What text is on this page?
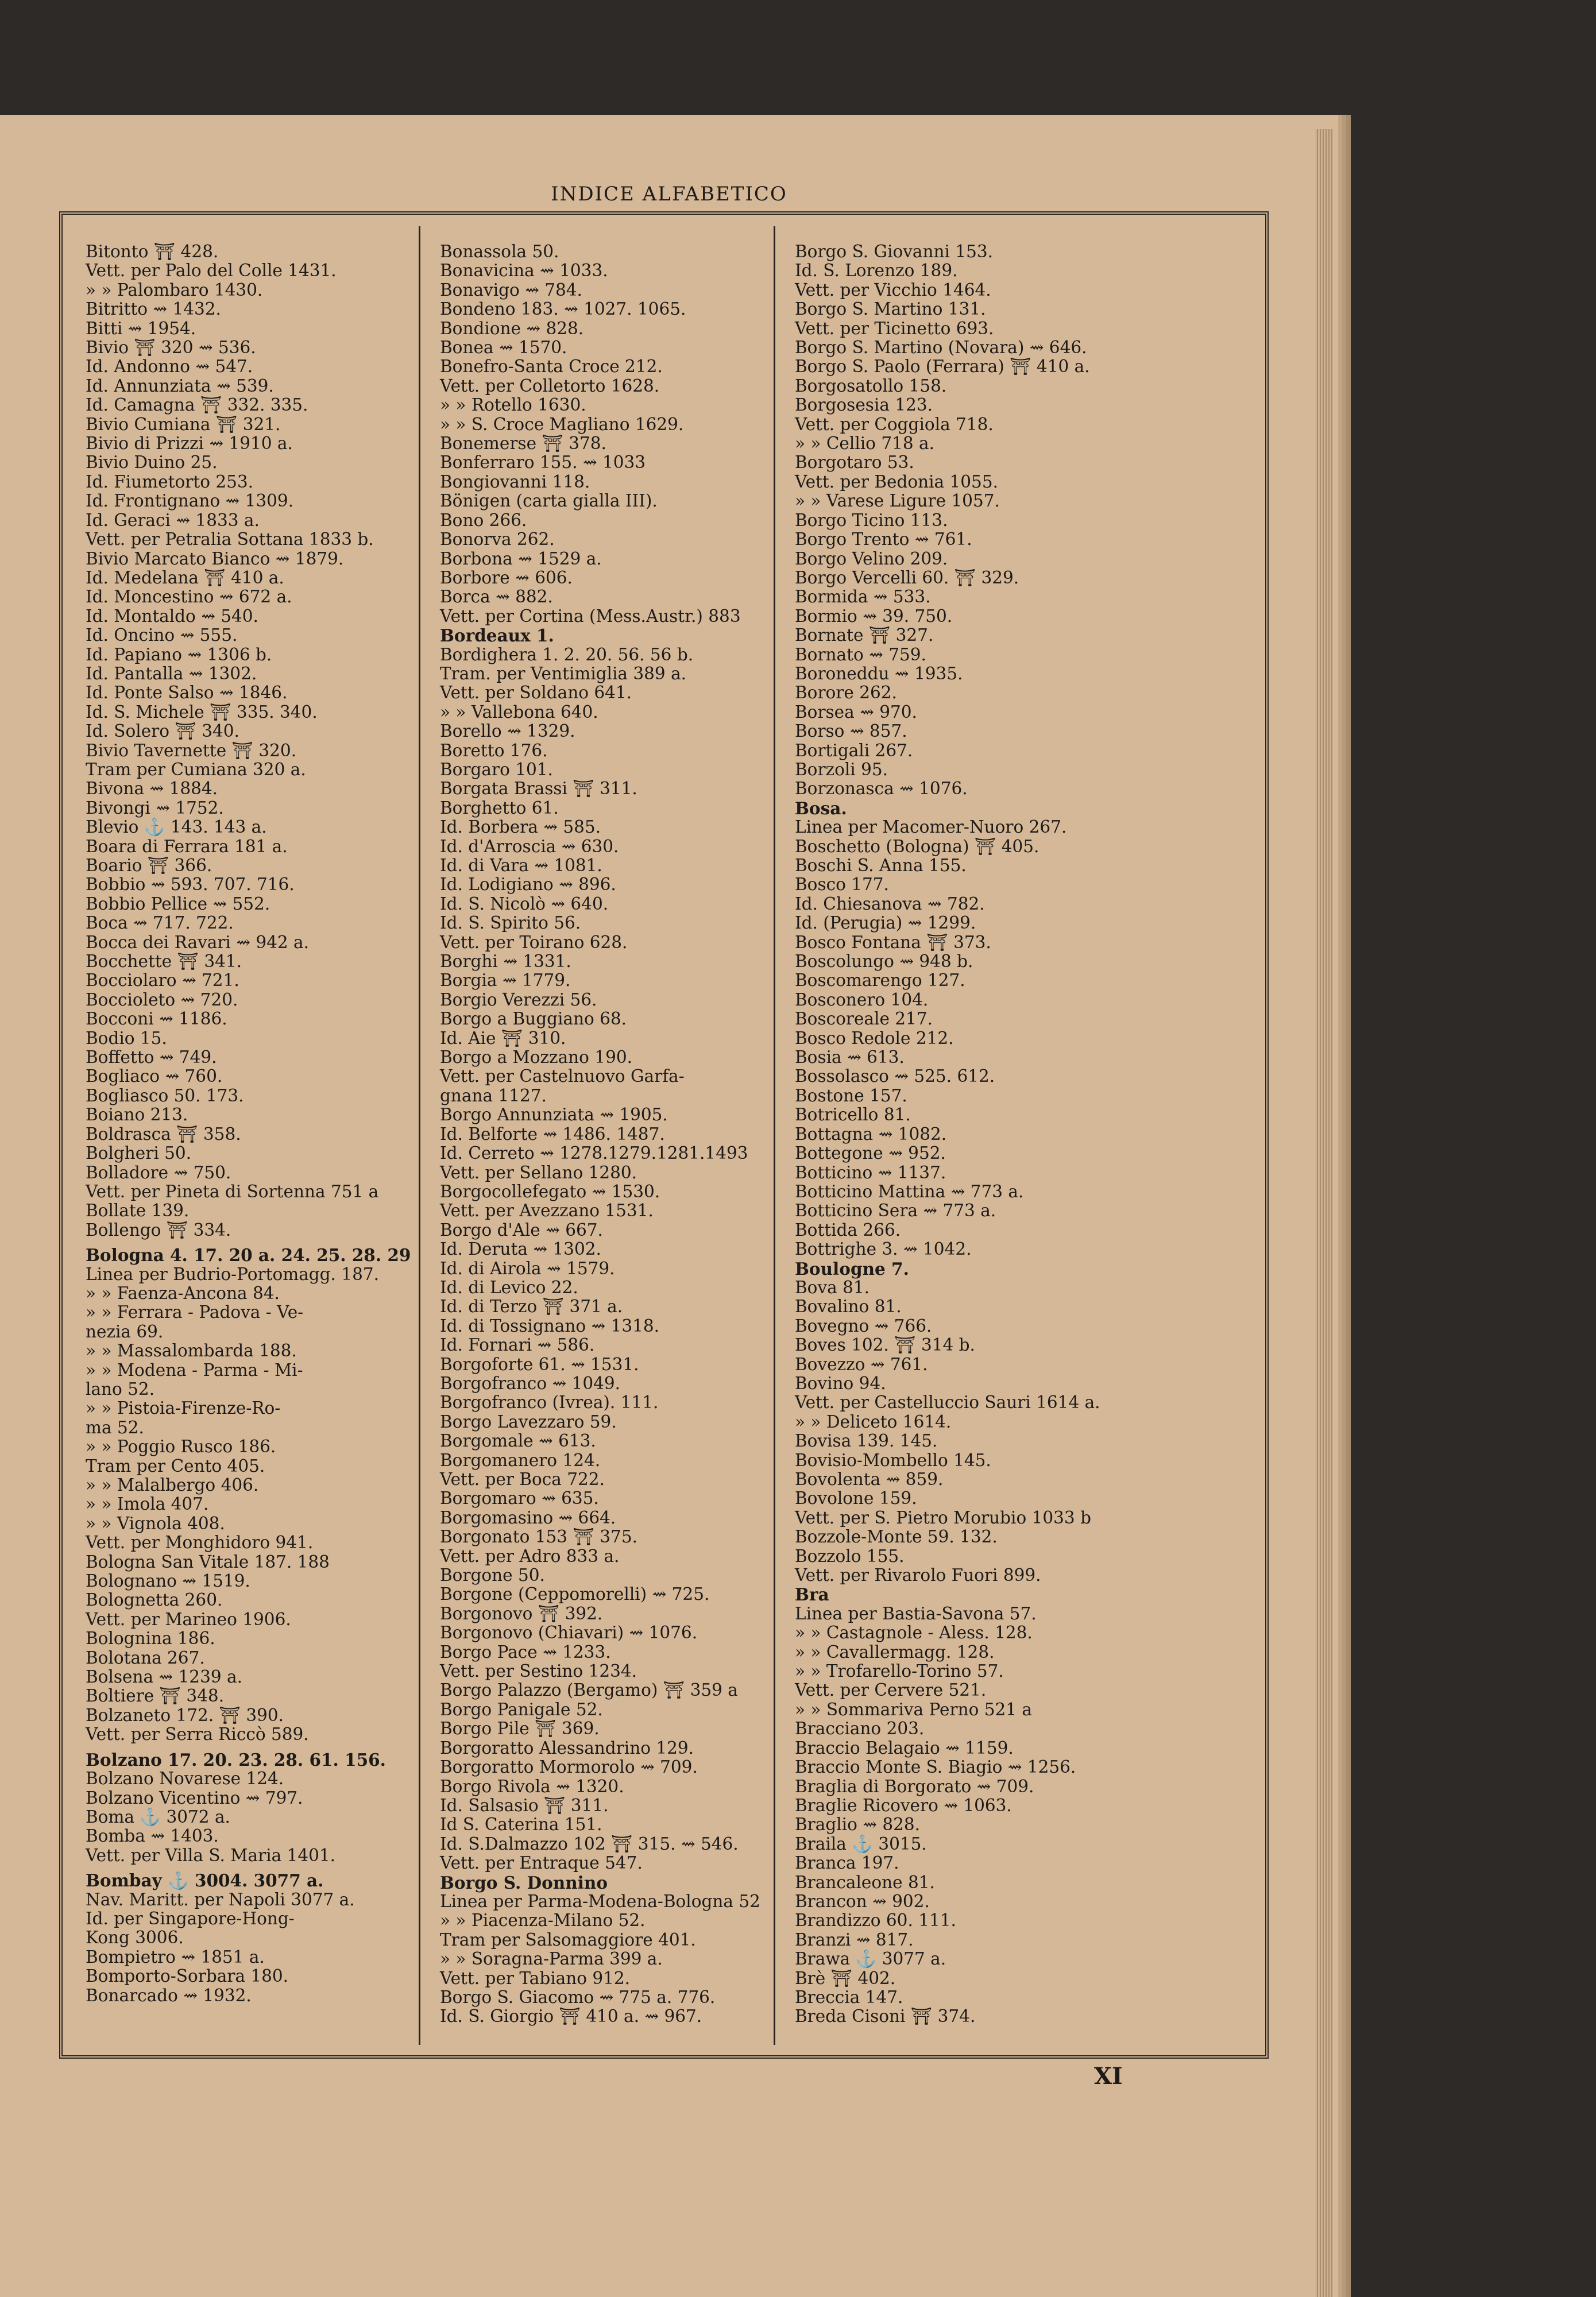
INDICE ALFABETICO
Bitonto ⛩ 428.
Vett. per Palo del Colle 1431.
» » Palombaro 1430.
Bitritto ⇝ 1432.
Bitti ⇝ 1954.
Bivio ⛩ 320 ⇝ 536.
Id. Andonno ⇝ 547.
Id. Annunziata ⇝ 539.
Id. Camagna ⛩ 332. 335.
Bivio Cumiana ⛩ 321.
Bivio di Prizzi ⇝ 1910 a.
Bivio Duino 25.
Id. Fiumetorto 253.
Id. Frontignano ⇝ 1309.
Id. Geraci ⇝ 1833 a.
Vett. per Petralia Sottana 1833 b.
Bivio Marcato Bianco ⇝ 1879.
Id. Medelana ⛩ 410 a.
Id. Moncestino ⇝ 672 a.
Id. Montaldo ⇝ 540.
Id. Oncino ⇝ 555.
Id. Papiano ⇝ 1306 b.
Id. Pantalla ⇝ 1302.
Id. Ponte Salso ⇝ 1846.
Id. S. Michele ⛩ 335. 340.
Id. Solero ⛩ 340.
Bivio Tavernette ⛩ 320.
Tram per Cumiana 320 a.
Bivona ⇝ 1884.
Bivongi ⇝ 1752.
Blevio ⚓ 143. 143 a.
Boara di Ferrara 181 a.
Boario ⛩ 366.
Bobbio ⇝ 593. 707. 716.
Bobbio Pellice ⇝ 552.
Boca ⇝ 717. 722.
Bocca dei Ravari ⇝ 942 a.
Bocchette ⛩ 341.
Bocciolaro ⇝ 721.
Boccioleto ⇝ 720.
Bocconi ⇝ 1186.
Bodio 15.
Boffetto ⇝ 749.
Bogliaco ⇝ 760.
Bogliasco 50. 173.
Boiano 213.
Boldrasca ⛩ 358.
Bolgheri 50.
Bolladore ⇝ 750.
Vett. per Pineta di Sortenna 751 a
Bollate 139.
Bollengo ⛩ 334.
Bologna 4. 17. 20 a. 24. 25. 28. 29
Linea per Budrio-Portomagg. 187.
» » Faenza-Ancona 84.
» » Ferrara - Padova - Ve-
nezia 69.
» » Massalombarda 188.
» » Modena - Parma - Mi-
lano 52.
» » Pistoia-Firenze-Ro-
ma 52.
» » Poggio Rusco 186.
Tram per Cento 405.
» » Malalbergo 406.
» » Imola 407.
» » Vignola 408.
Vett. per Monghidoro 941.
Bologna San Vitale 187. 188
Bolognano ⇝ 1519.
Bolognetta 260.
Vett. per Marineo 1906.
Bolognina 186.
Bolotana 267.
Bolsena ⇝ 1239 a.
Boltiere ⛩ 348.
Bolzaneto 172. ⛩ 390.
Vett. per Serra Riccò 589.
Bolzano 17. 20. 23. 28. 61. 156.
Bolzano Novarese 124.
Bolzano Vicentino ⇝ 797.
Boma ⚓ 3072 a.
Bomba ⇝ 1403.
Vett. per Villa S. Maria 1401.
Bombay ⚓ 3004. 3077 a.
Nav. Maritt. per Napoli 3077 a.
Id. per Singapore-Hong-
Kong 3006.
Bompietro ⇝ 1851 a.
Bomporto-Sorbara 180.
Bonarcado ⇝ 1932.
Bonassola 50.
Bonavicina ⇝ 1033.
Bonavigo ⇝ 784.
Bondeno 183. ⇝ 1027. 1065.
Bondione ⇝ 828.
Bonea ⇝ 1570.
Bonefro-Santa Croce 212.
Vett. per Colletorto 1628.
» » Rotello 1630.
» » S. Croce Magliano 1629.
Bonemerse ⛩ 378.
Bonferraro 155. ⇝ 1033
Bongiovanni 118.
Bönigen (carta gialla III).
Bono 266.
Bonorva 262.
Borbona ⇝ 1529 a.
Borbore ⇝ 606.
Borca ⇝ 882.
Vett. per Cortina (Mess.Austr.) 883
Bordeaux 1.
Bordighera 1. 2. 20. 56. 56 b.
Tram. per Ventimiglia 389 a.
Vett. per Soldano 641.
» » Vallebona 640.
Borello ⇝ 1329.
Boretto 176.
Borgaro 101.
Borgata Brassi ⛩ 311.
Borghetto 61.
Id. Borbera ⇝ 585.
Id. d'Arroscia ⇝ 630.
Id. di Vara ⇝ 1081.
Id. Lodigiano ⇝ 896.
Id. S. Nicolò ⇝ 640.
Id. S. Spirito 56.
Vett. per Toirano 628.
Borghi ⇝ 1331.
Borgia ⇝ 1779.
Borgio Verezzi 56.
Borgo a Buggiano 68.
Id. Aie ⛩ 310.
Borgo a Mozzano 190.
Vett. per Castelnuovo Garfa-
gnana 1127.
Borgo Annunziata ⇝ 1905.
Id. Belforte ⇝ 1486. 1487.
Id. Cerreto ⇝ 1278.1279.1281.1493
Vett. per Sellano 1280.
Borgocollefegato ⇝ 1530.
Vett. per Avezzano 1531.
Borgo d'Ale ⇝ 667.
Id. Deruta ⇝ 1302.
Id. di Airola ⇝ 1579.
Id. di Levico 22.
Id. di Terzo ⛩ 371 a.
Id. di Tossignano ⇝ 1318.
Id. Fornari ⇝ 586.
Borgoforte 61. ⇝ 1531.
Borgofranco ⇝ 1049.
Borgofranco (Ivrea). 111.
Borgo Lavezzaro 59.
Borgomale ⇝ 613.
Borgomanero 124.
Vett. per Boca 722.
Borgomaro ⇝ 635.
Borgomasino ⇝ 664.
Borgonato 153 ⛩ 375.
Vett. per Adro 833 a.
Borgone 50.
Borgone (Ceppomorelli) ⇝ 725.
Borgonovo ⛩ 392.
Borgonovo (Chiavari) ⇝ 1076.
Borgo Pace ⇝ 1233.
Vett. per Sestino 1234.
Borgo Palazzo (Bergamo) ⛩ 359 a
Borgo Panigale 52.
Borgo Pile ⛩ 369.
Borgoratto Alessandrino 129.
Borgoratto Mormorolo ⇝ 709.
Borgo Rivola ⇝ 1320.
Id. Salsasio ⛩ 311.
Id S. Caterina 151.
Id. S.Dalmazzo 102 ⛩ 315. ⇝ 546.
Vett. per Entraque 547.
Borgo S. Donnino
Linea per Parma-Modena-Bologna 52
» » Piacenza-Milano 52.
Tram per Salsomaggiore 401.
» » Soragna-Parma 399 a.
Vett. per Tabiano 912.
Borgo S. Giacomo ⇝ 775 a. 776.
Id. S. Giorgio ⛩ 410 a. ⇝ 967.
Borgo S. Giovanni 153.
Id. S. Lorenzo 189.
Vett. per Vicchio 1464.
Borgo S. Martino 131.
Vett. per Ticinetto 693.
Borgo S. Martino (Novara) ⇝ 646.
Borgo S. Paolo (Ferrara) ⛩ 410 a.
Borgosatollo 158.
Borgosesia 123.
Vett. per Coggiola 718.
» » Cellio 718 a.
Borgotaro 53.
Vett. per Bedonia 1055.
» » Varese Ligure 1057.
Borgo Ticino 113.
Borgo Trento ⇝ 761.
Borgo Velino 209.
Borgo Vercelli 60. ⛩ 329.
Bormida ⇝ 533.
Bormio ⇝ 39. 750.
Bornate ⛩ 327.
Bornato ⇝ 759.
Boroneddu ⇝ 1935.
Borore 262.
Borsea ⇝ 970.
Borso ⇝ 857.
Bortigali 267.
Borzoli 95.
Borzonasca ⇝ 1076.
Bosa.
Linea per Macomer-Nuoro 267.
Boschetto (Bologna) ⛩ 405.
Boschi S. Anna 155.
Bosco 177.
Id. Chiesanova ⇝ 782.
Id. (Perugia) ⇝ 1299.
Bosco Fontana ⛩ 373.
Boscolungo ⇝ 948 b.
Boscomarengo 127.
Bosconero 104.
Boscoreale 217.
Bosco Redole 212.
Bosia ⇝ 613.
Bossolasco ⇝ 525. 612.
Bostone 157.
Botricello 81.
Bottagna ⇝ 1082.
Bottegone ⇝ 952.
Botticino ⇝ 1137.
Botticino Mattina ⇝ 773 a.
Botticino Sera ⇝ 773 a.
Bottida 266.
Bottrighe 3. ⇝ 1042.
Boulogne 7.
Bova 81.
Bovalino 81.
Bovegno ⇝ 766.
Boves 102. ⛩ 314 b.
Bovezzo ⇝ 761.
Bovino 94.
Vett. per Castelluccio Sauri 1614 a.
» » Deliceto 1614.
Bovisa 139. 145.
Bovisio-Mombello 145.
Bovolenta ⇝ 859.
Bovolone 159.
Vett. per S. Pietro Morubio 1033 b
Bozzole-Monte 59. 132.
Bozzolo 155.
Vett. per Rivarolo Fuori 899.
Bra
Linea per Bastia-Savona 57.
» » Castagnole - Aless. 128.
» » Cavallermagg. 128.
» » Trofarello-Torino 57.
Vett. per Cervere 521.
» » Sommariva Perno 521 a
Bracciano 203.
Braccio Belagaio ⇝ 1159.
Braccio Monte S. Biagio ⇝ 1256.
Braglia di Borgorato ⇝ 709.
Braglie Ricovero ⇝ 1063.
Braglio ⇝ 828.
Braila ⚓ 3015.
Branca 197.
Brancaleone 81.
Brancon ⇝ 902.
Brandizzo 60. 111.
Branzi ⇝ 817.
Brawa ⚓ 3077 a.
Brè ⛩ 402.
Breccia 147.
Breda Cisoni ⛩ 374.
XI
